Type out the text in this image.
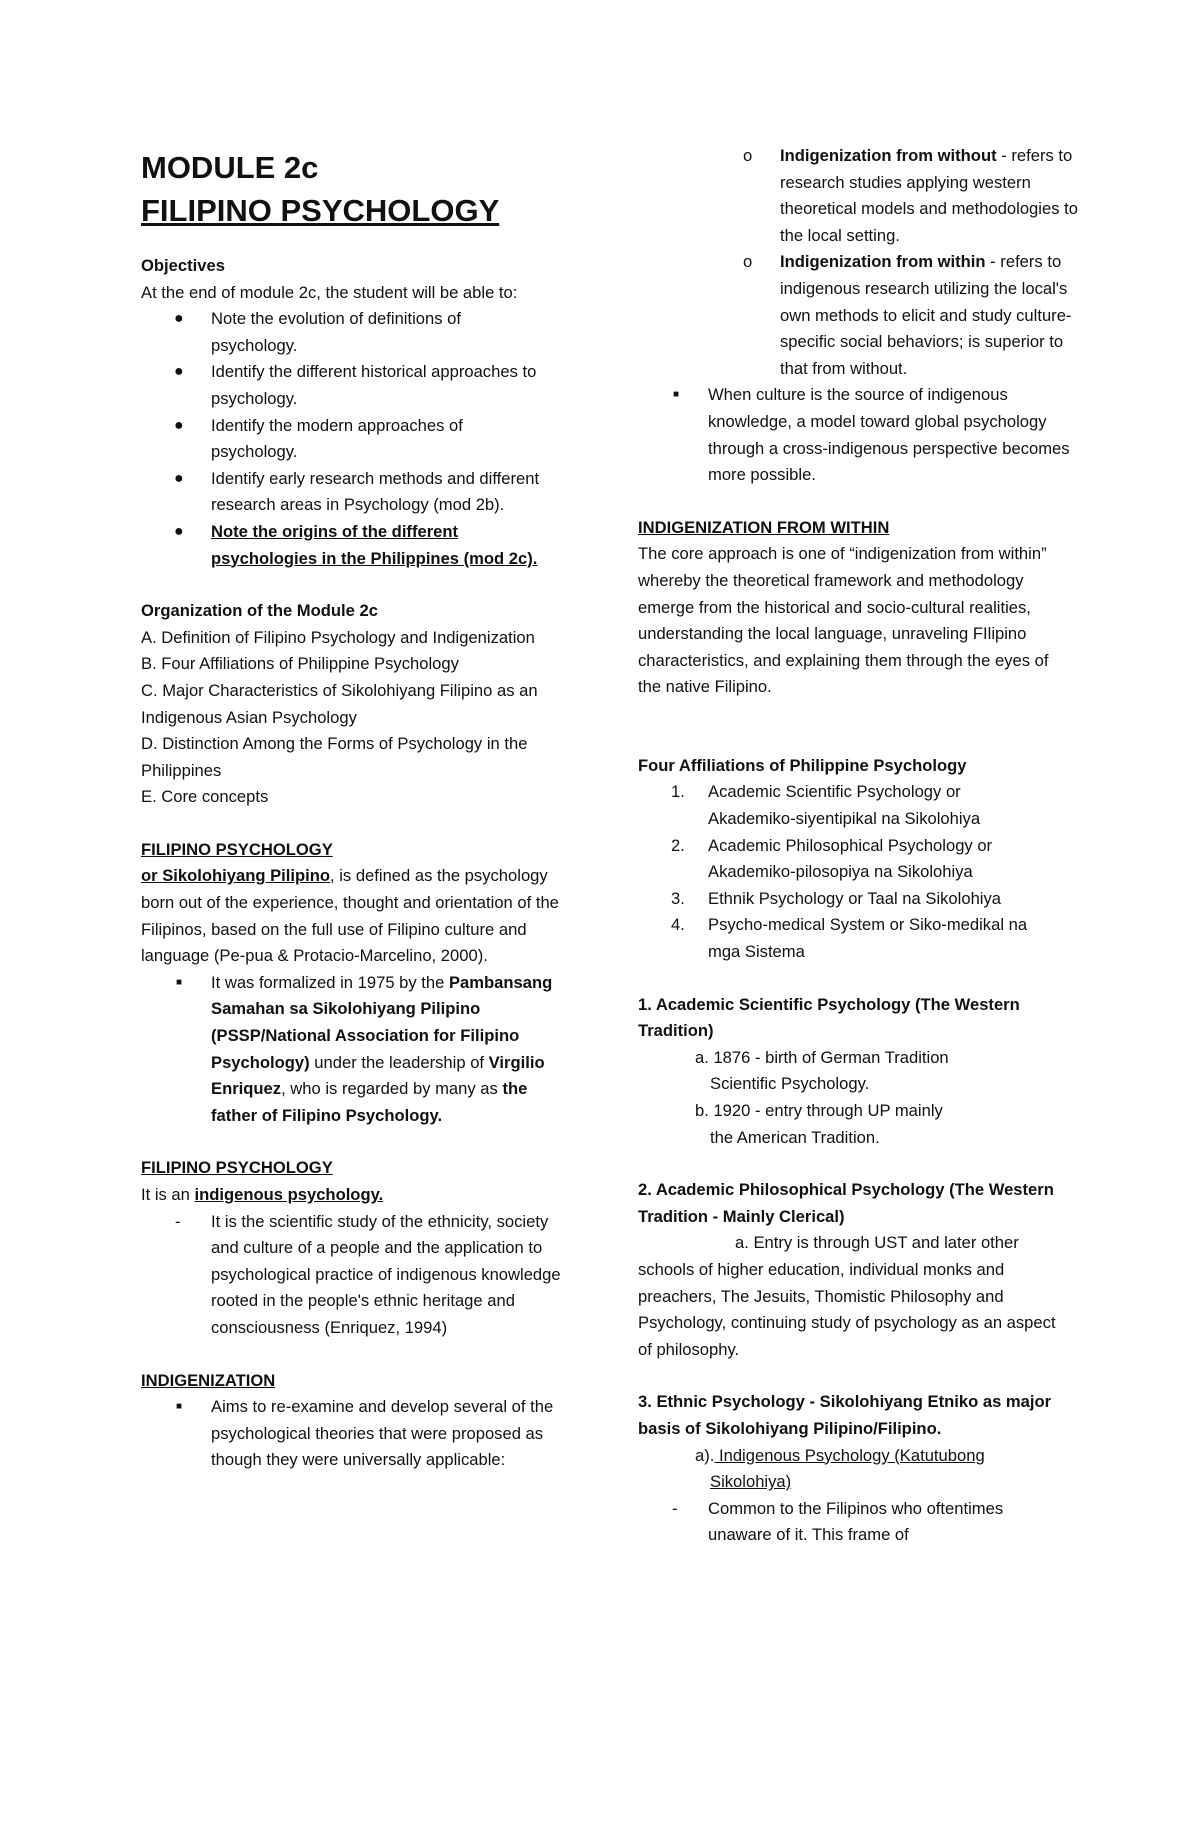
MODULE 2c

FILIPINO PSYCHOLOGY

Objectives

At the end of module 2c, the student will be able to:

● Note the evolution of definitions of psychology.
● Identify the different historical approaches to psychology.
● Identify the modern approaches of psychology.
● Identify early research methods and different research areas in Psychology (mod 2b).
● Note the origins of the different psychologies in the Philippines (mod 2c).

Organization of the Module 2c

A. Definition of Filipino Psychology and Indigenization

B. Four Affiliations of Philippine Psychology

C. Major Characteristics of Sikolohiyang Filipino as an Indigenous Asian Psychology

D. Distinction Among the Forms of Psychology in the Philippines

E. Core concepts

FILIPINO PSYCHOLOGY

or Sikolohiyang Pilipino, is defined as the psychology born out of the experience, thought and orientation of the Filipinos, based on the full use of Filipino culture and language (Pe-pua & Protacio-Marcelino, 2000).

■ It was formalized in 1975 by the Pambansang Samahan sa Sikolohiyang Pilipino (PSSP/National Association for Filipino Psychology) under the leadership of Virgilio Enriquez, who is regarded by many as the father of Filipino Psychology.

FILIPINO PSYCHOLOGY

It is an indigenous psychology.

- It is the scientific study of the ethnicity, society and culture of a people and the application to psychological practice of indigenous knowledge rooted in the people's ethnic heritage and consciousness (Enriquez, 1994)

INDIGENIZATION

■ Aims to re-examine and develop several of the psychological theories that were proposed as though they were universally applicable:
o Indigenization from without - refers to research studies applying western theoretical models and methodologies to the local setting.
o Indigenization from within - refers to indigenous research utilizing the local's own methods to elicit and study culture-specific social behaviors; is superior to that from without.
■ When culture is the source of indigenous knowledge, a model toward global psychology through a cross-indigenous perspective becomes more possible.

INDIGENIZATION FROM WITHIN

The core approach is one of “indigenization from within” whereby the theoretical framework and methodology emerge from the historical and socio-cultural realities, understanding the local language, unraveling FIlipino characteristics, and explaining them through the eyes of the native Filipino.

Four Affiliations of Philippine Psychology

1. Academic Scientific Psychology or Akademiko-siyentipikal na Sikolohiya
2. Academic Philosophical Psychology or Akademiko-pilosopiya na Sikolohiya
3. Ethnik Psychology or Taal na Sikolohiya
4. Psycho-medical System or Siko-medikal na mga Sistema

1. Academic Scientific Psychology (The Western Tradition)

a. 1876 - birth of German Tradition

Scientific Psychology.

b. 1920 - entry through UP mainly

the American Tradition.

2. Academic Philosophical Psychology (The Western Tradition - Mainly Clerical)

a. Entry is through UST and later other schools of higher education, individual monks and preachers, The Jesuits, Thomistic Philosophy and Psychology, continuing study of psychology as an aspect of philosophy.

3. Ethnic Psychology - Sikolohiyang Etniko as major basis of Sikolohiyang Pilipino/Filipino.

a). Indigenous Psychology (Katutubong Sikolohiya)

- Common to the Filipinos who oftentimes unaware of it. This frame of
